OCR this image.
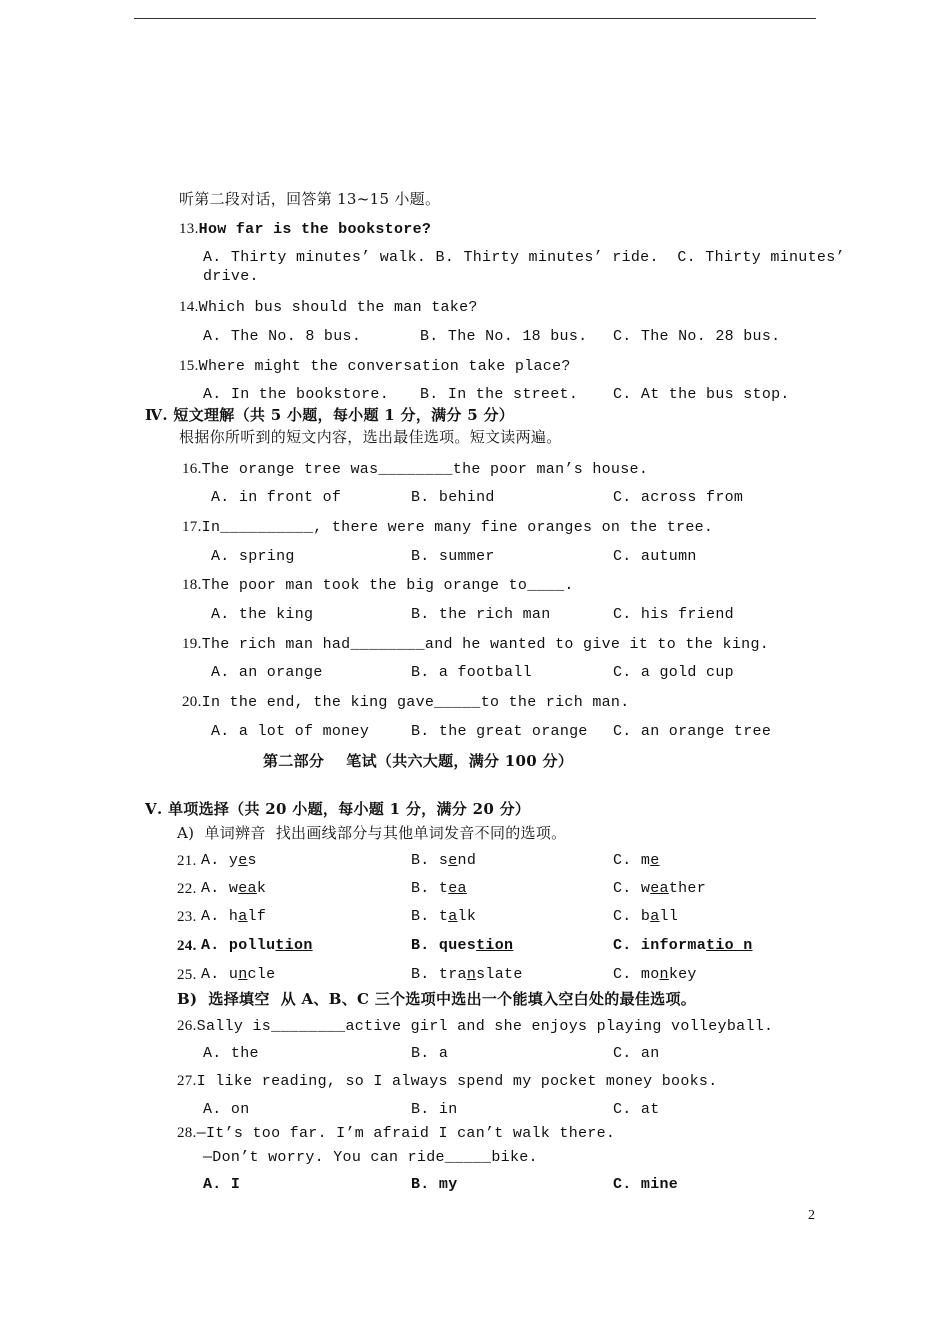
听第二段对话，回答第 13~15 小题。
13.How far is the bookstore?
A. Thirty minutes’ walk. B. Thirty minutes’ ride.  C. Thirty minutes’
drive.
14.Which bus should the man take?
A. The No. 8 bus.	B. The No. 18 bus. C. The No. 28 bus.
15.Where might the conversation take place?
A. In the bookstore. B. In the street. C. At the bus stop.
Ⅳ. 短文理解（共 5 小题，每小题 1 分，满分 5 分）
根据你所听到的短文内容，选出最佳选项。短文读两遍。
16.The orange tree was________the poor man’s house.
A. in front of	B. behind	C. across from
17.In__________, there were many fine oranges on the tree.
A. spring	B. summer	C. autumn
18.The poor man took the big orange to____.
A. the king	B. the rich man	C. his friend
19.The rich man had________and he wanted to give it to the king.
A. an orange	B. a football	C. a gold cup
20.In the end, the king gave_____to the rich man.
A. a lot of money	B. the great orange C. an orange tree
第二部分    笔试（共六大题，满分 100 分）
Ⅴ. 单项选择（共 20 小题，每小题 1 分，满分 20 分）
A)  单词辨音  找出画线部分与其他单词发音不同的选项。
21. A. yes	B. send	C. me
22. A. weak	B. tea	C. weather
23. A. half	B. talk	C. ball
24. A. pollution	B. question	C. informatio n
25. A. uncle	B. translate	C. monkey
B)  选择填空  从 A、B、C 三个选项中选出一个能填入空白处的最佳选项。
26.Sally is________active girl and she enjoys playing volleyball.
A. the	B. a	C. an
27.I like reading, so I always spend my pocket money books.
A. on	B. in	C. at
28.—It’s too far. I’m afraid I can’t walk there.
—Don’t worry. You can ride_____bike.
A. I	B. my	C. mine
2
